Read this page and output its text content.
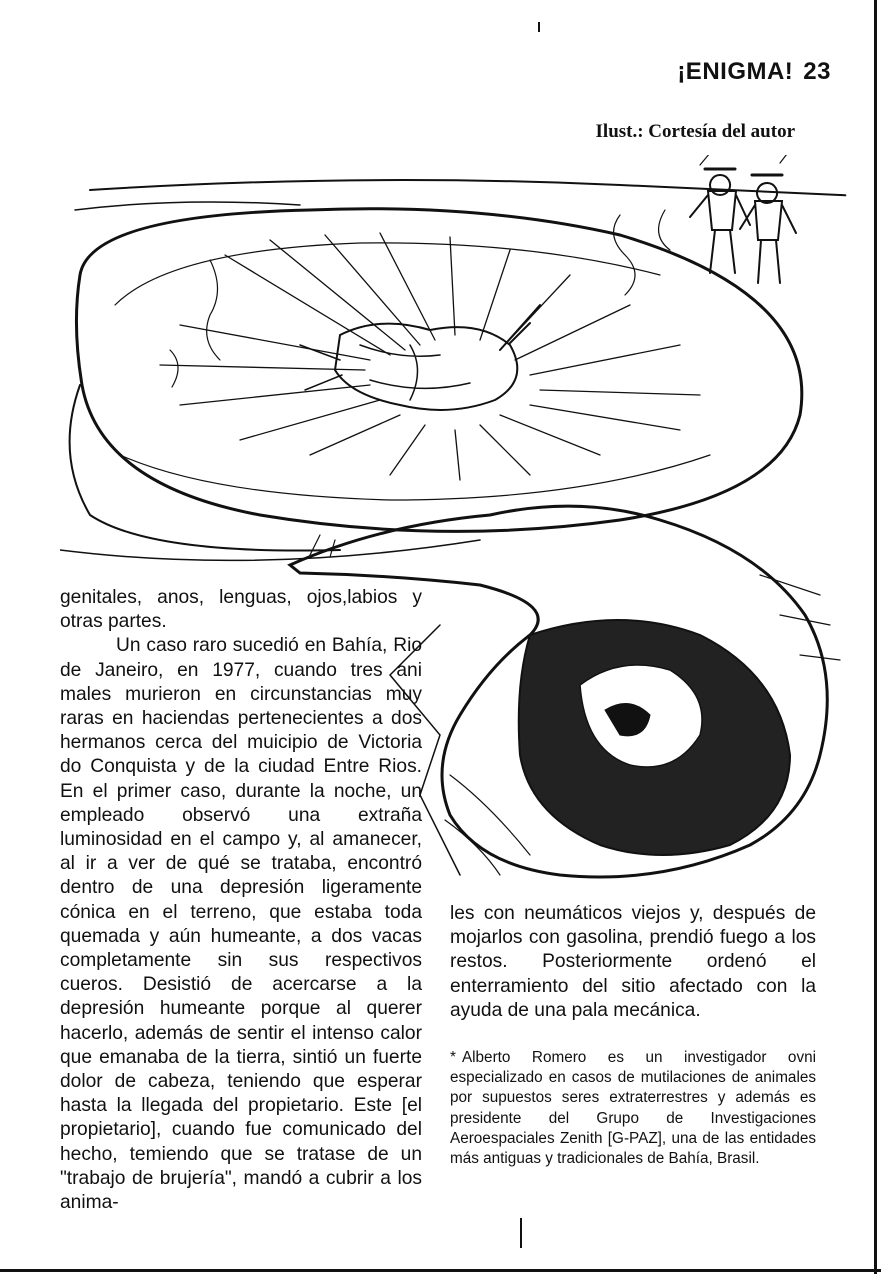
¡ENIGMA! 23
Ilust.: Cortesía del autor

genitales, anos, lenguas, ojos,labios y otras partes.

Un caso raro sucedió en Bahía, Rio de Janeiro, en 1977, cuando tres ani males murieron en circunstancias muy raras en haciendas pertenecientes a dos hermanos cerca del muicipio de Victoria do Conquista y de la ciudad Entre Rios. En el primer caso, durante la noche, un empleado observó una extraña luminosidad en el campo y, al amanecer, al ir a ver de qué se trataba, encontró dentro de una depresión ligeramente cónica en el terreno, que estaba toda quemada y aún humeante, a dos vacas completamente sin sus respectivos cueros. Desistió de acercarse a la depresión humeante porque al querer hacerlo, además de sentir el intenso calor que emanaba de la tierra, sintió un fuerte dolor de cabeza, teniendo que esperar hasta la llegada del propietario. Este [el propietario], cuando fue comunicado del hecho, temiendo que se tratase de un "trabajo de brujería", mandó a cubrir a los anima-

les con neumáticos viejos y, después de mojarlos con gasolina, prendió fuego a los restos. Posteriormente ordenó el enterramiento del sitio afectado con la ayuda de una pala mecánica.

* Alberto Romero es un investigador ovni especializado en casos de mutilaciones de animales por supuestos seres extraterrestres y además es presidente del Grupo de Investigaciones Aeroespaciales Zenith [G-PAZ], una de las entidades más antiguas y tradicionales de Bahía, Brasil.
